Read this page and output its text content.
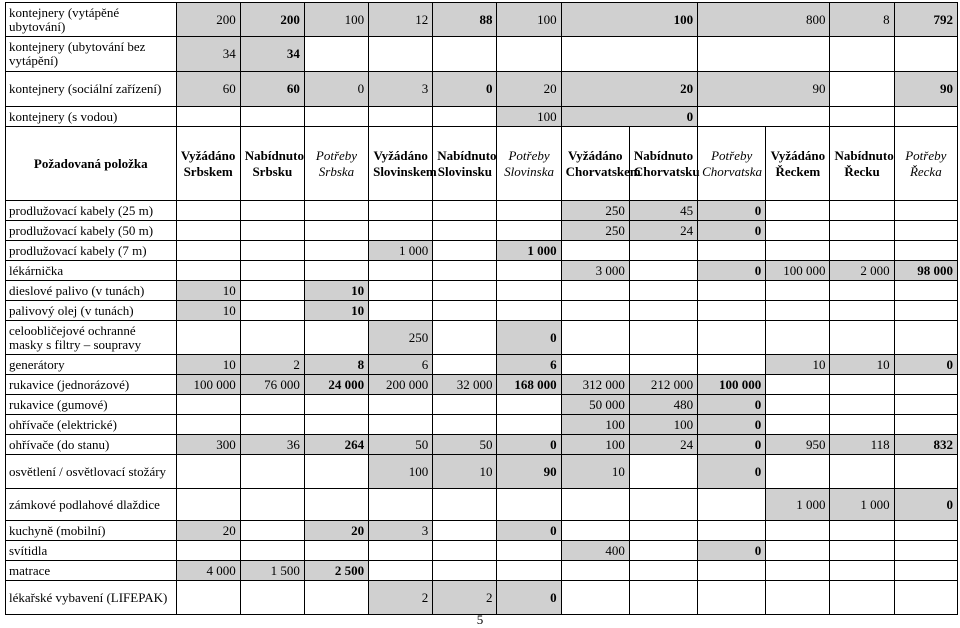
kontejnery (vytápěné ubytování)	200	200	100	12	88	100	100		800		8	792
kontejnery (ubytování bez vytápění)	34	34										
kontejnery (sociální zařízení)	60	60	0	3	0	20	20		90			90
kontejnery (s vodou)						100	0					
Požadovaná položka	Vyžádáno Srbskem	Nabídnuto Srbsku	Potřeby Srbska	Vyžádáno Slovinskem	Nabídnuto Slovinsku	Potřeby Slovinska	Vyžádáno Chorvatskem	Nabídnuto Chorvatsku	Potřeby Chorvatska	Vyžádáno Řeckem	Nabídnuto Řecku	Potřeby Řecka
prodlužovací kabely (25 m)							250	45	0			
prodlužovací kabely (50 m)							250	24	0			
prodlužovací kabely (7 m)				1 000		1 000						
lékárnička							3 000		0	100 000	2 000	98 000
dieslové palivo (v tunách)	10		10									
palivový olej (v tunách)	10		10									
celoobličejové ochranné masky s filtry – soupravy				250		0						
generátory	10	2	8	6		6				10	10	0
rukavice (jednorázové)	100 000	76 000	24 000	200 000	32 000	168 000	312 000	212 000	100 000			
rukavice (gumové)							50 000	480	0			
ohřívače (elektrické)							100	100	0			
ohřívače (do stanu)	300	36	264	50	50	0	100	24	0	950	118	832
osvětlení / osvětlovací stožáry				100	10	90	10		0			
zámkové podlahové dlaždice										1 000	1 000	0
kuchyně (mobilní)	20		20	3		0						
svítidla							400		0			
matrace	4 000	1 500	2 500									
lékařské vybavení (LIFEPAK)				2	2	0						
5
